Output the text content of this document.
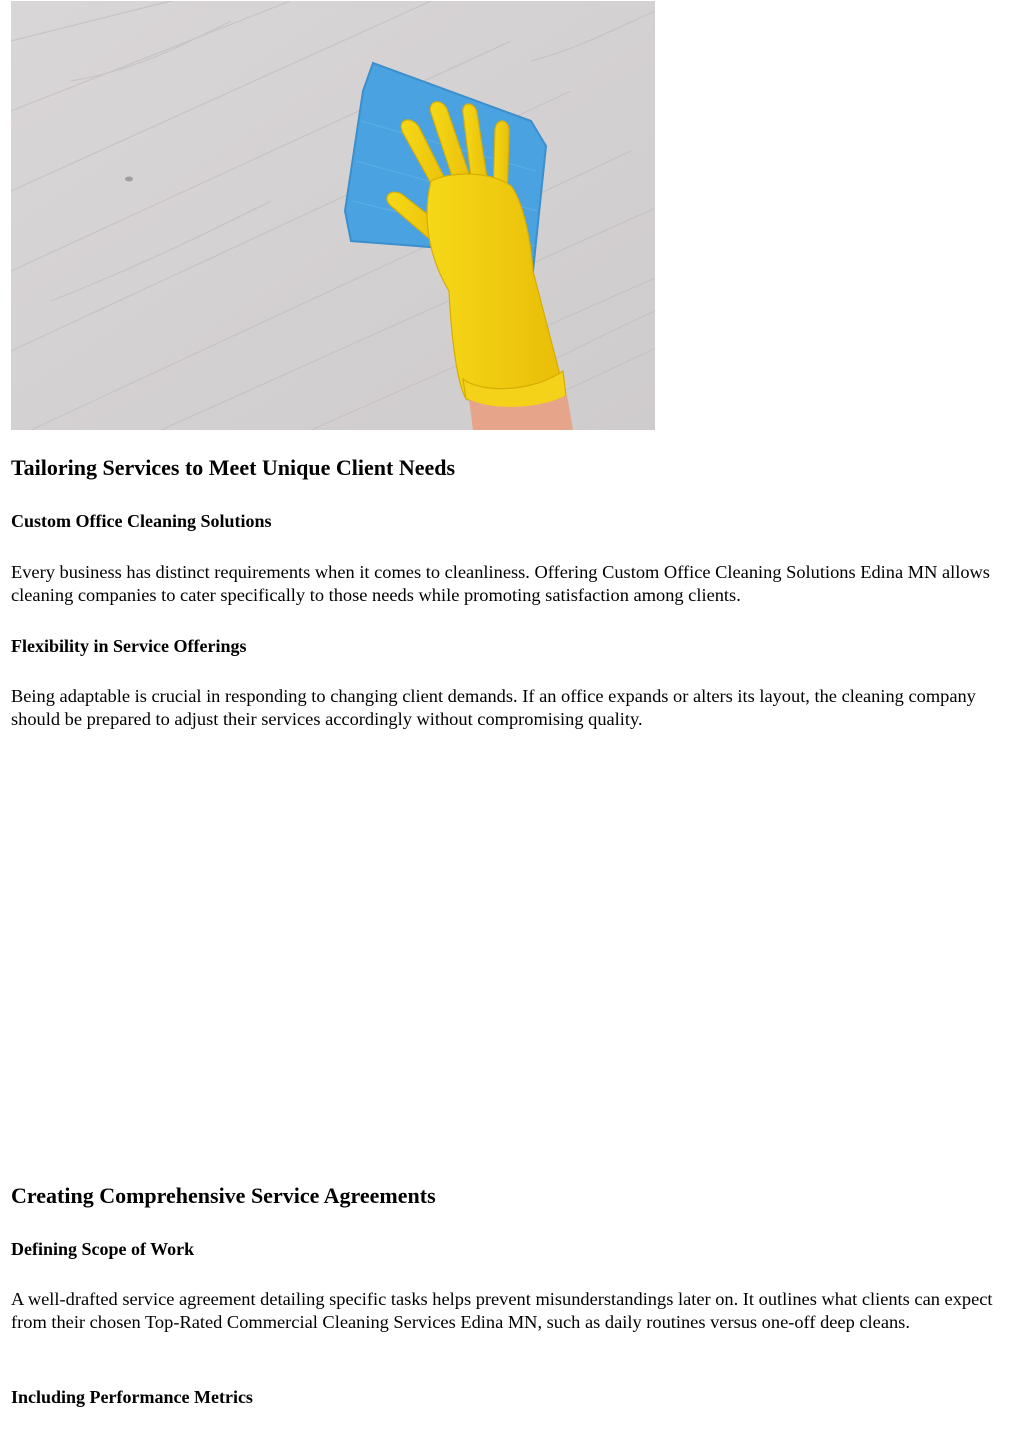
Tailoring Services to Meet Unique Client Needs
Custom Office Cleaning Solutions

Every business has distinct requirements when it comes to cleanliness. Offering Custom Office Cleaning Solutions Edina MN allows cleaning companies to cater specifically to those needs while promoting satisfaction among clients.

Flexibility in Service Offerings

Being adaptable is crucial in responding to changing client demands. If an office expands or alters its layout, the cleaning company should be prepared to adjust their services accordingly without compromising quality.

Creating Comprehensive Service Agreements
Defining Scope of Work

A well-drafted service agreement detailing specific tasks helps prevent misunderstandings later on. It outlines what clients can expect from their chosen Top-Rated Commercial Cleaning Services Edina MN, such as daily routines versus one-off deep cleans.

Including Performance Metrics
